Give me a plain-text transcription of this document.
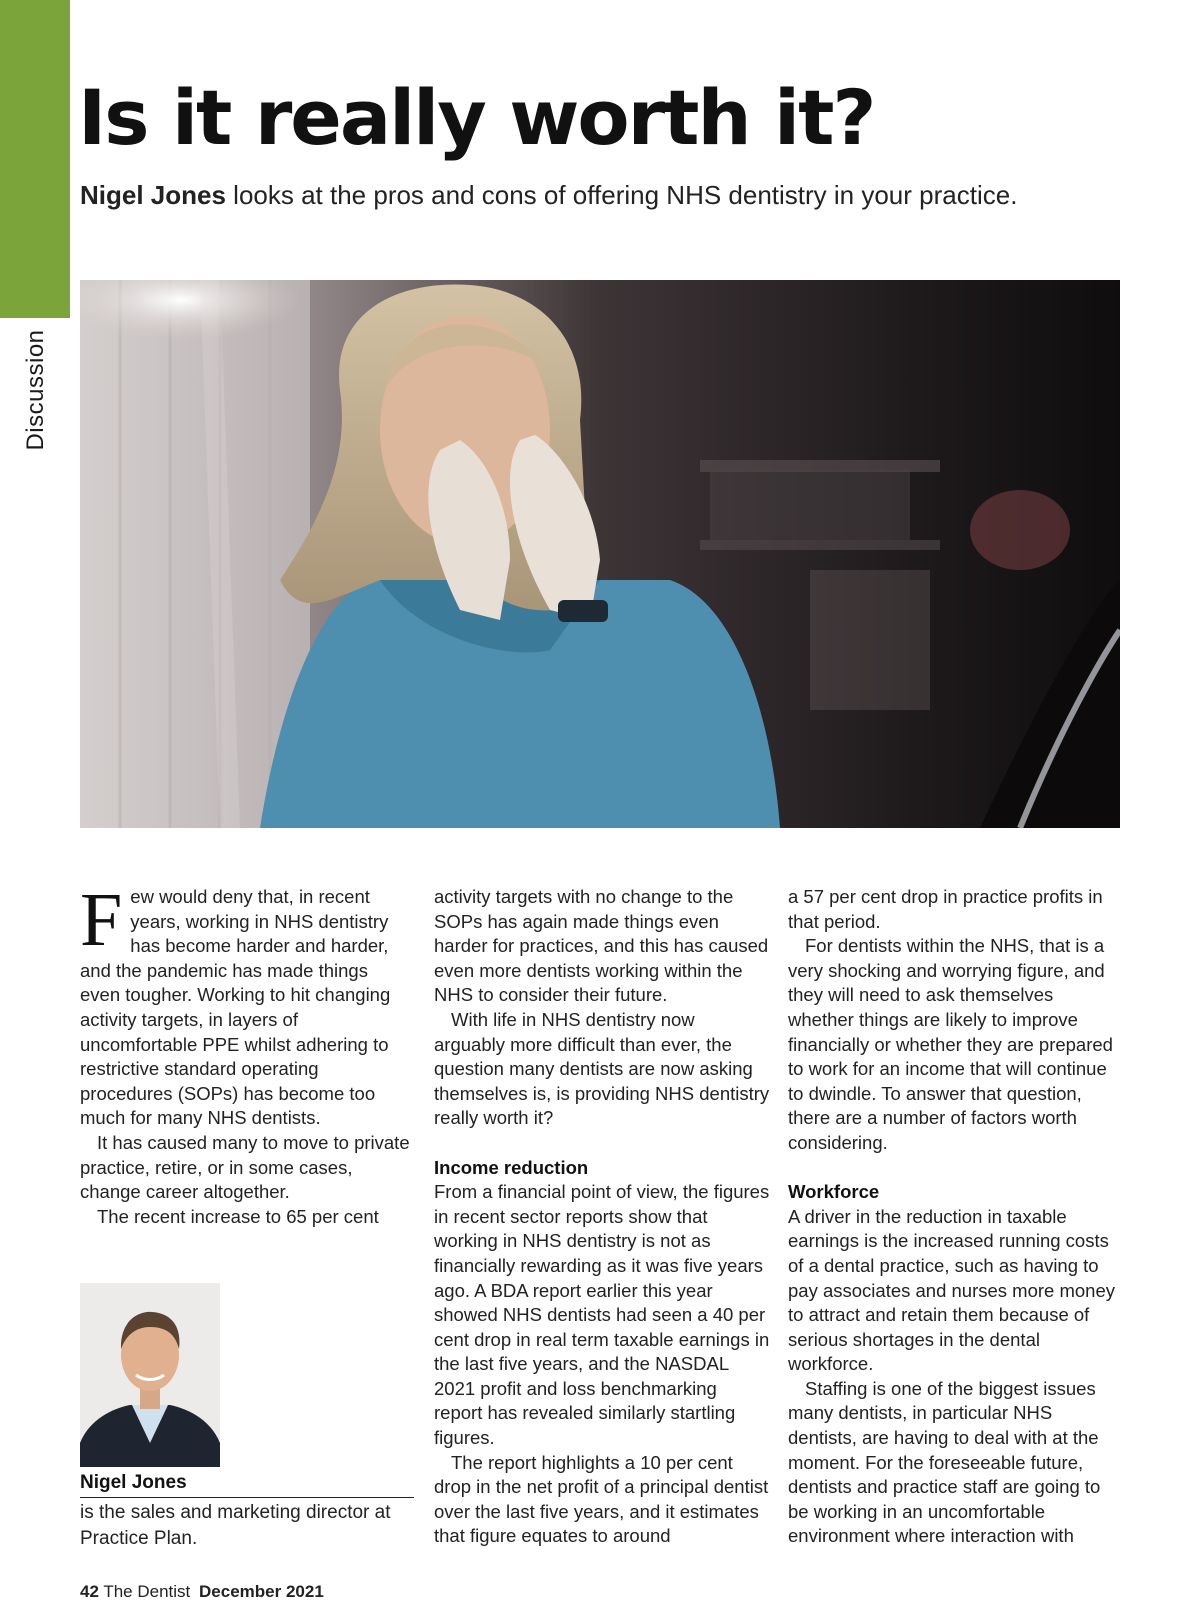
Discussion
Is it really worth it?

Nigel Jones looks at the pros and cons of offering NHS dentistry in your practice.

Few would deny that, in recent years, working in NHS dentistry has become harder and harder, and the pandemic has made things even tougher. Working to hit changing activity targets, in layers of uncomfortable PPE whilst adhering to restrictive standard operating procedures (SOPs) has become too much for many NHS dentists.

It has caused many to move to private practice, retire, or in some cases, change career altogether.

The recent increase to 65 per cent

activity targets with no change to the SOPs has again made things even harder for practices, and this has caused even more dentists working within the NHS to consider their future.

With life in NHS dentistry now arguably more difficult than ever, the question many dentists are now asking themselves is, is providing NHS dentistry really worth it?

Income reduction

From a financial point of view, the figures in recent sector reports show that working in NHS dentistry is not as financially rewarding as it was five years ago. A BDA report earlier this year showed NHS dentists had seen a 40 per cent drop in real term taxable earnings in the last five years, and the NASDAL 2021 profit and loss benchmarking report has revealed similarly startling figures.

The report highlights a 10 per cent drop in the net profit of a principal dentist over the last five years, and it estimates that figure equates to around

a 57 per cent drop in practice profits in that period.

For dentists within the NHS, that is a very shocking and worrying figure, and they will need to ask themselves whether things are likely to improve financially or whether they are prepared to work for an income that will continue to dwindle. To answer that question, there are a number of factors worth considering.

Workforce

A driver in the reduction in taxable earnings is the increased running costs of a dental practice, such as having to pay associates and nurses more money to attract and retain them because of serious shortages in the dental workforce.

Staffing is one of the biggest issues many dentists, in particular NHS dentists, are having to deal with at the moment. For the foreseeable future, dentists and practice staff are going to be working in an uncomfortable environment where interaction with

Nigel Jones
is the sales and marketing director at Practice Plan.
42 The Dentist December 2021
